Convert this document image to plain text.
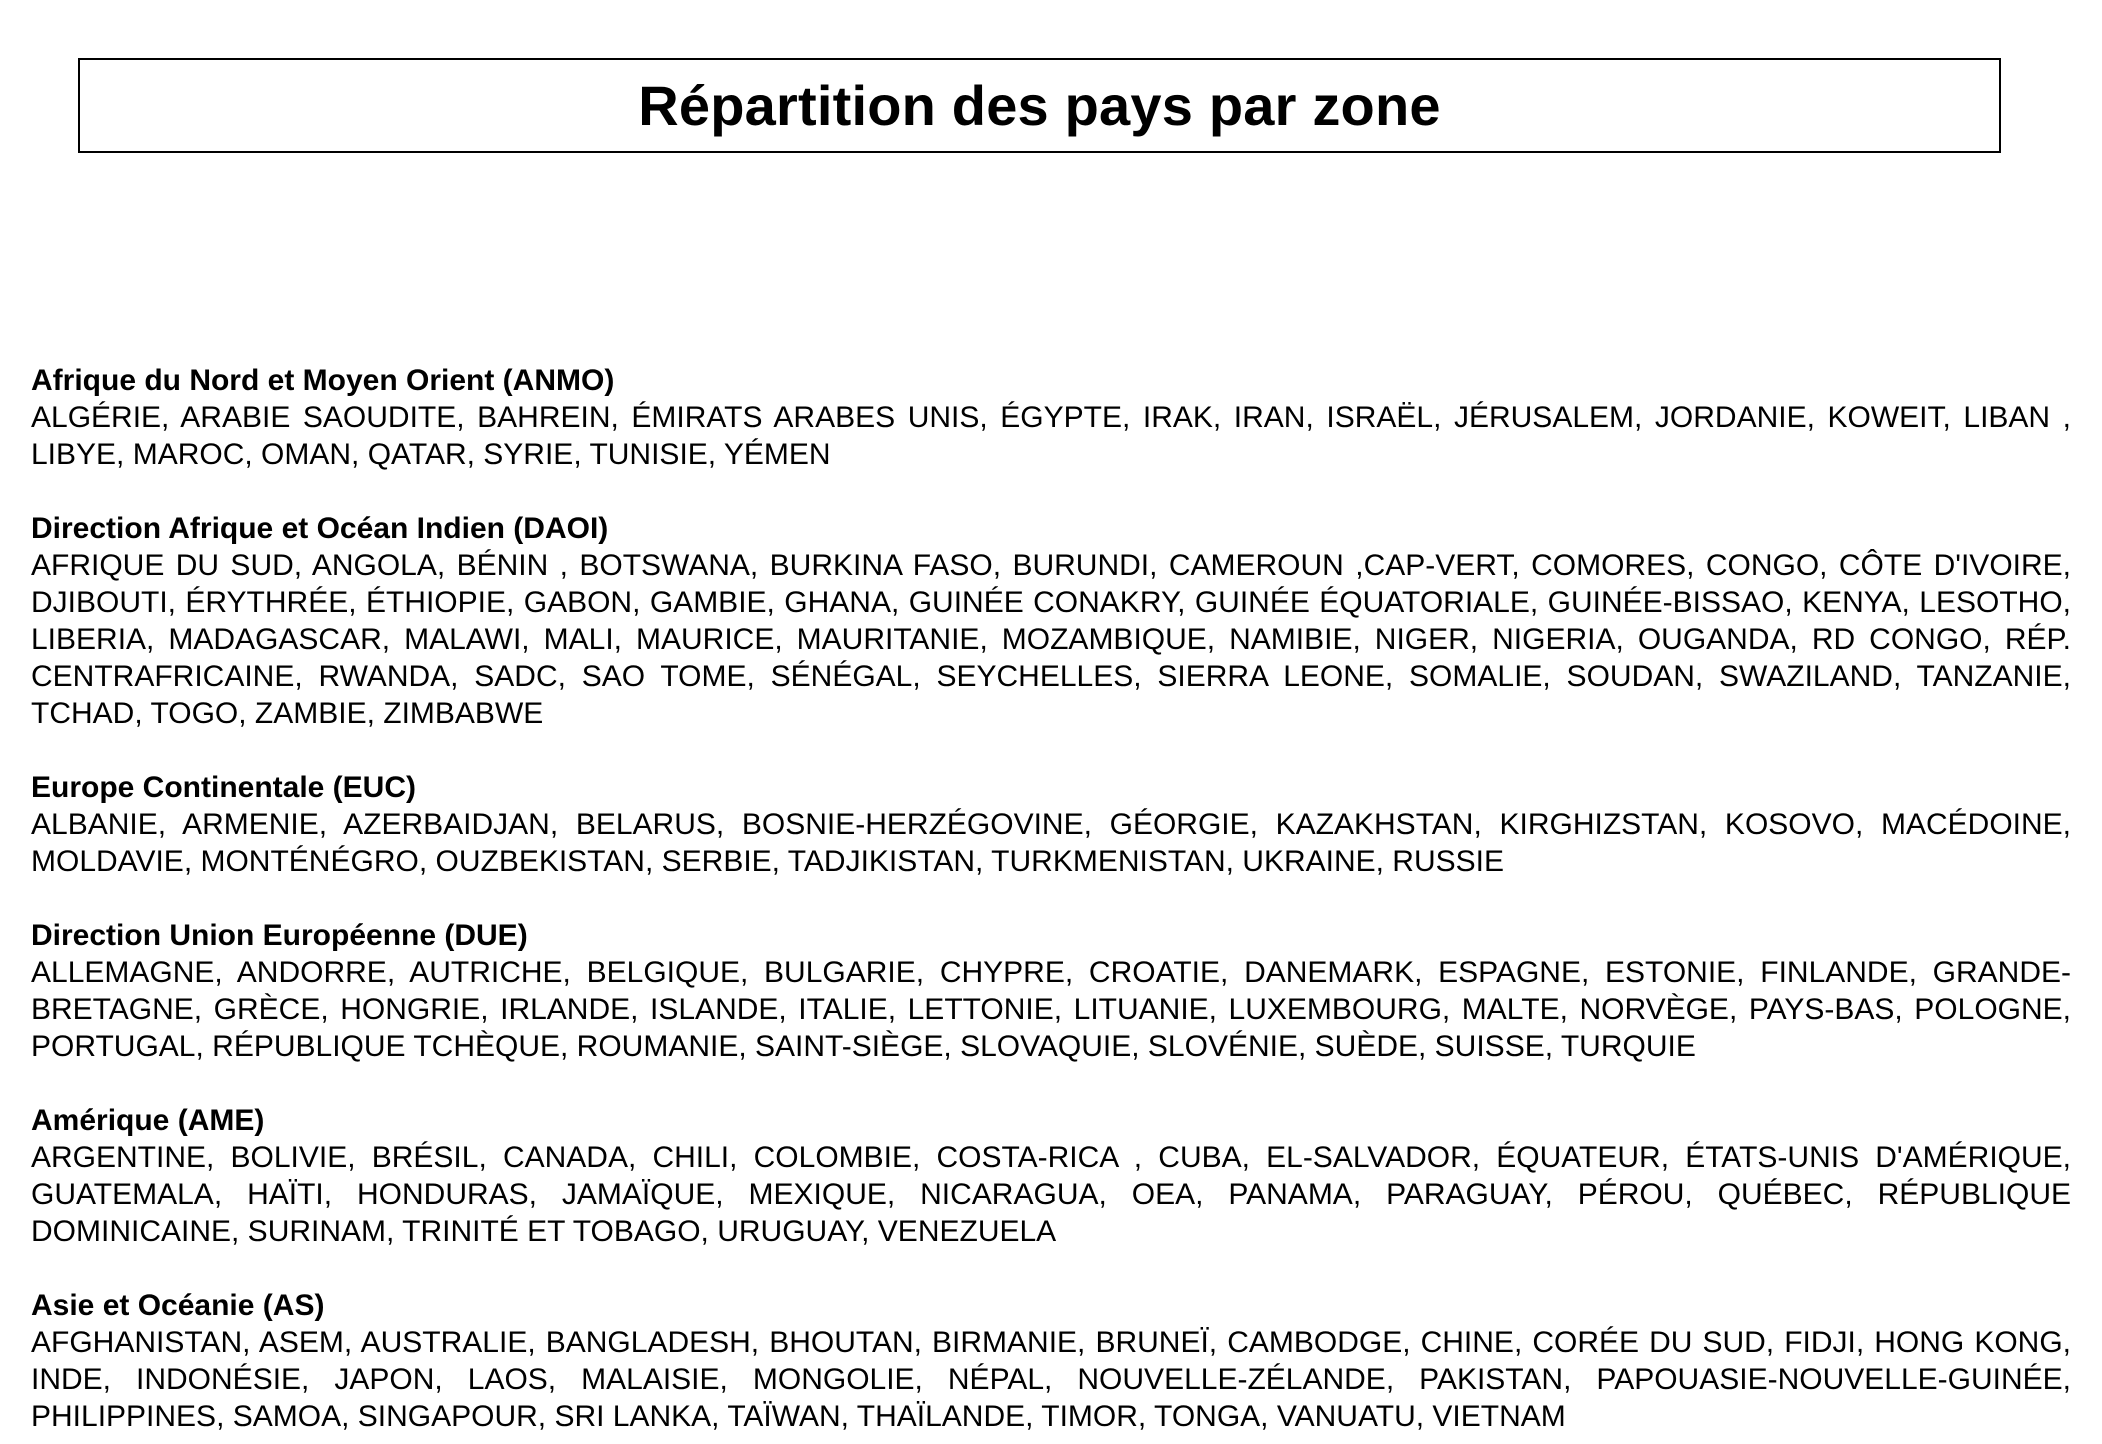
Répartition des pays par zone

Afrique du Nord et Moyen Orient (ANMO)

ALGÉRIE, ARABIE SAOUDITE, BAHREIN, ÉMIRATS ARABES UNIS, ÉGYPTE, IRAK, IRAN, ISRAËL, JÉRUSALEM, JORDANIE, KOWEIT, LIBAN , LIBYE, MAROC, OMAN, QATAR, SYRIE, TUNISIE, YÉMEN

Direction Afrique et Océan Indien (DAOI)

AFRIQUE DU SUD, ANGOLA, BÉNIN , BOTSWANA, BURKINA FASO, BURUNDI, CAMEROUN ,CAP-VERT, COMORES, CONGO, CÔTE D'IVOIRE, DJIBOUTI, ÉRYTHRÉE, ÉTHIOPIE, GABON, GAMBIE, GHANA, GUINÉE CONAKRY, GUINÉE ÉQUATORIALE, GUINÉE-BISSAO, KENYA, LESOTHO, LIBERIA, MADAGASCAR, MALAWI, MALI, MAURICE, MAURITANIE, MOZAMBIQUE, NAMIBIE, NIGER, NIGERIA, OUGANDA, RD CONGO, RÉP. CENTRAFRICAINE, RWANDA, SADC, SAO TOME, SÉNÉGAL, SEYCHELLES, SIERRA LEONE, SOMALIE, SOUDAN, SWAZILAND, TANZANIE, TCHAD, TOGO, ZAMBIE, ZIMBABWE

Europe Continentale (EUC)

ALBANIE, ARMENIE, AZERBAIDJAN, BELARUS, BOSNIE-HERZÉGOVINE, GÉORGIE, KAZAKHSTAN, KIRGHIZSTAN, KOSOVO, MACÉDOINE, MOLDAVIE, MONTÉNÉGRO, OUZBEKISTAN, SERBIE, TADJIKISTAN, TURKMENISTAN, UKRAINE, RUSSIE

Direction Union Européenne (DUE)

ALLEMAGNE, ANDORRE, AUTRICHE, BELGIQUE, BULGARIE, CHYPRE, CROATIE, DANEMARK, ESPAGNE, ESTONIE, FINLANDE, GRANDE-BRETAGNE, GRÈCE, HONGRIE, IRLANDE, ISLANDE, ITALIE, LETTONIE, LITUANIE, LUXEMBOURG, MALTE, NORVÈGE, PAYS-BAS, POLOGNE, PORTUGAL, RÉPUBLIQUE TCHÈQUE, ROUMANIE, SAINT-SIÈGE, SLOVAQUIE, SLOVÉNIE, SUÈDE, SUISSE, TURQUIE

Amérique (AME)

ARGENTINE, BOLIVIE, BRÉSIL, CANADA, CHILI, COLOMBIE, COSTA-RICA , CUBA, EL-SALVADOR, ÉQUATEUR, ÉTATS-UNIS D'AMÉRIQUE, GUATEMALA, HAÏTI, HONDURAS, JAMAÏQUE, MEXIQUE, NICARAGUA, OEA, PANAMA, PARAGUAY, PÉROU, QUÉBEC, RÉPUBLIQUE DOMINICAINE, SURINAM, TRINITÉ ET TOBAGO, URUGUAY, VENEZUELA

Asie et Océanie (AS)

AFGHANISTAN, ASEM, AUSTRALIE, BANGLADESH, BHOUTAN, BIRMANIE, BRUNEÏ, CAMBODGE, CHINE, CORÉE DU SUD, FIDJI, HONG KONG, INDE, INDONÉSIE, JAPON, LAOS, MALAISIE, MONGOLIE, NÉPAL, NOUVELLE-ZÉLANDE, PAKISTAN, PAPOUASIE-NOUVELLE-GUINÉE, PHILIPPINES, SAMOA, SINGAPOUR, SRI LANKA, TAÏWAN, THAÏLANDE, TIMOR, TONGA, VANUATU, VIETNAM
